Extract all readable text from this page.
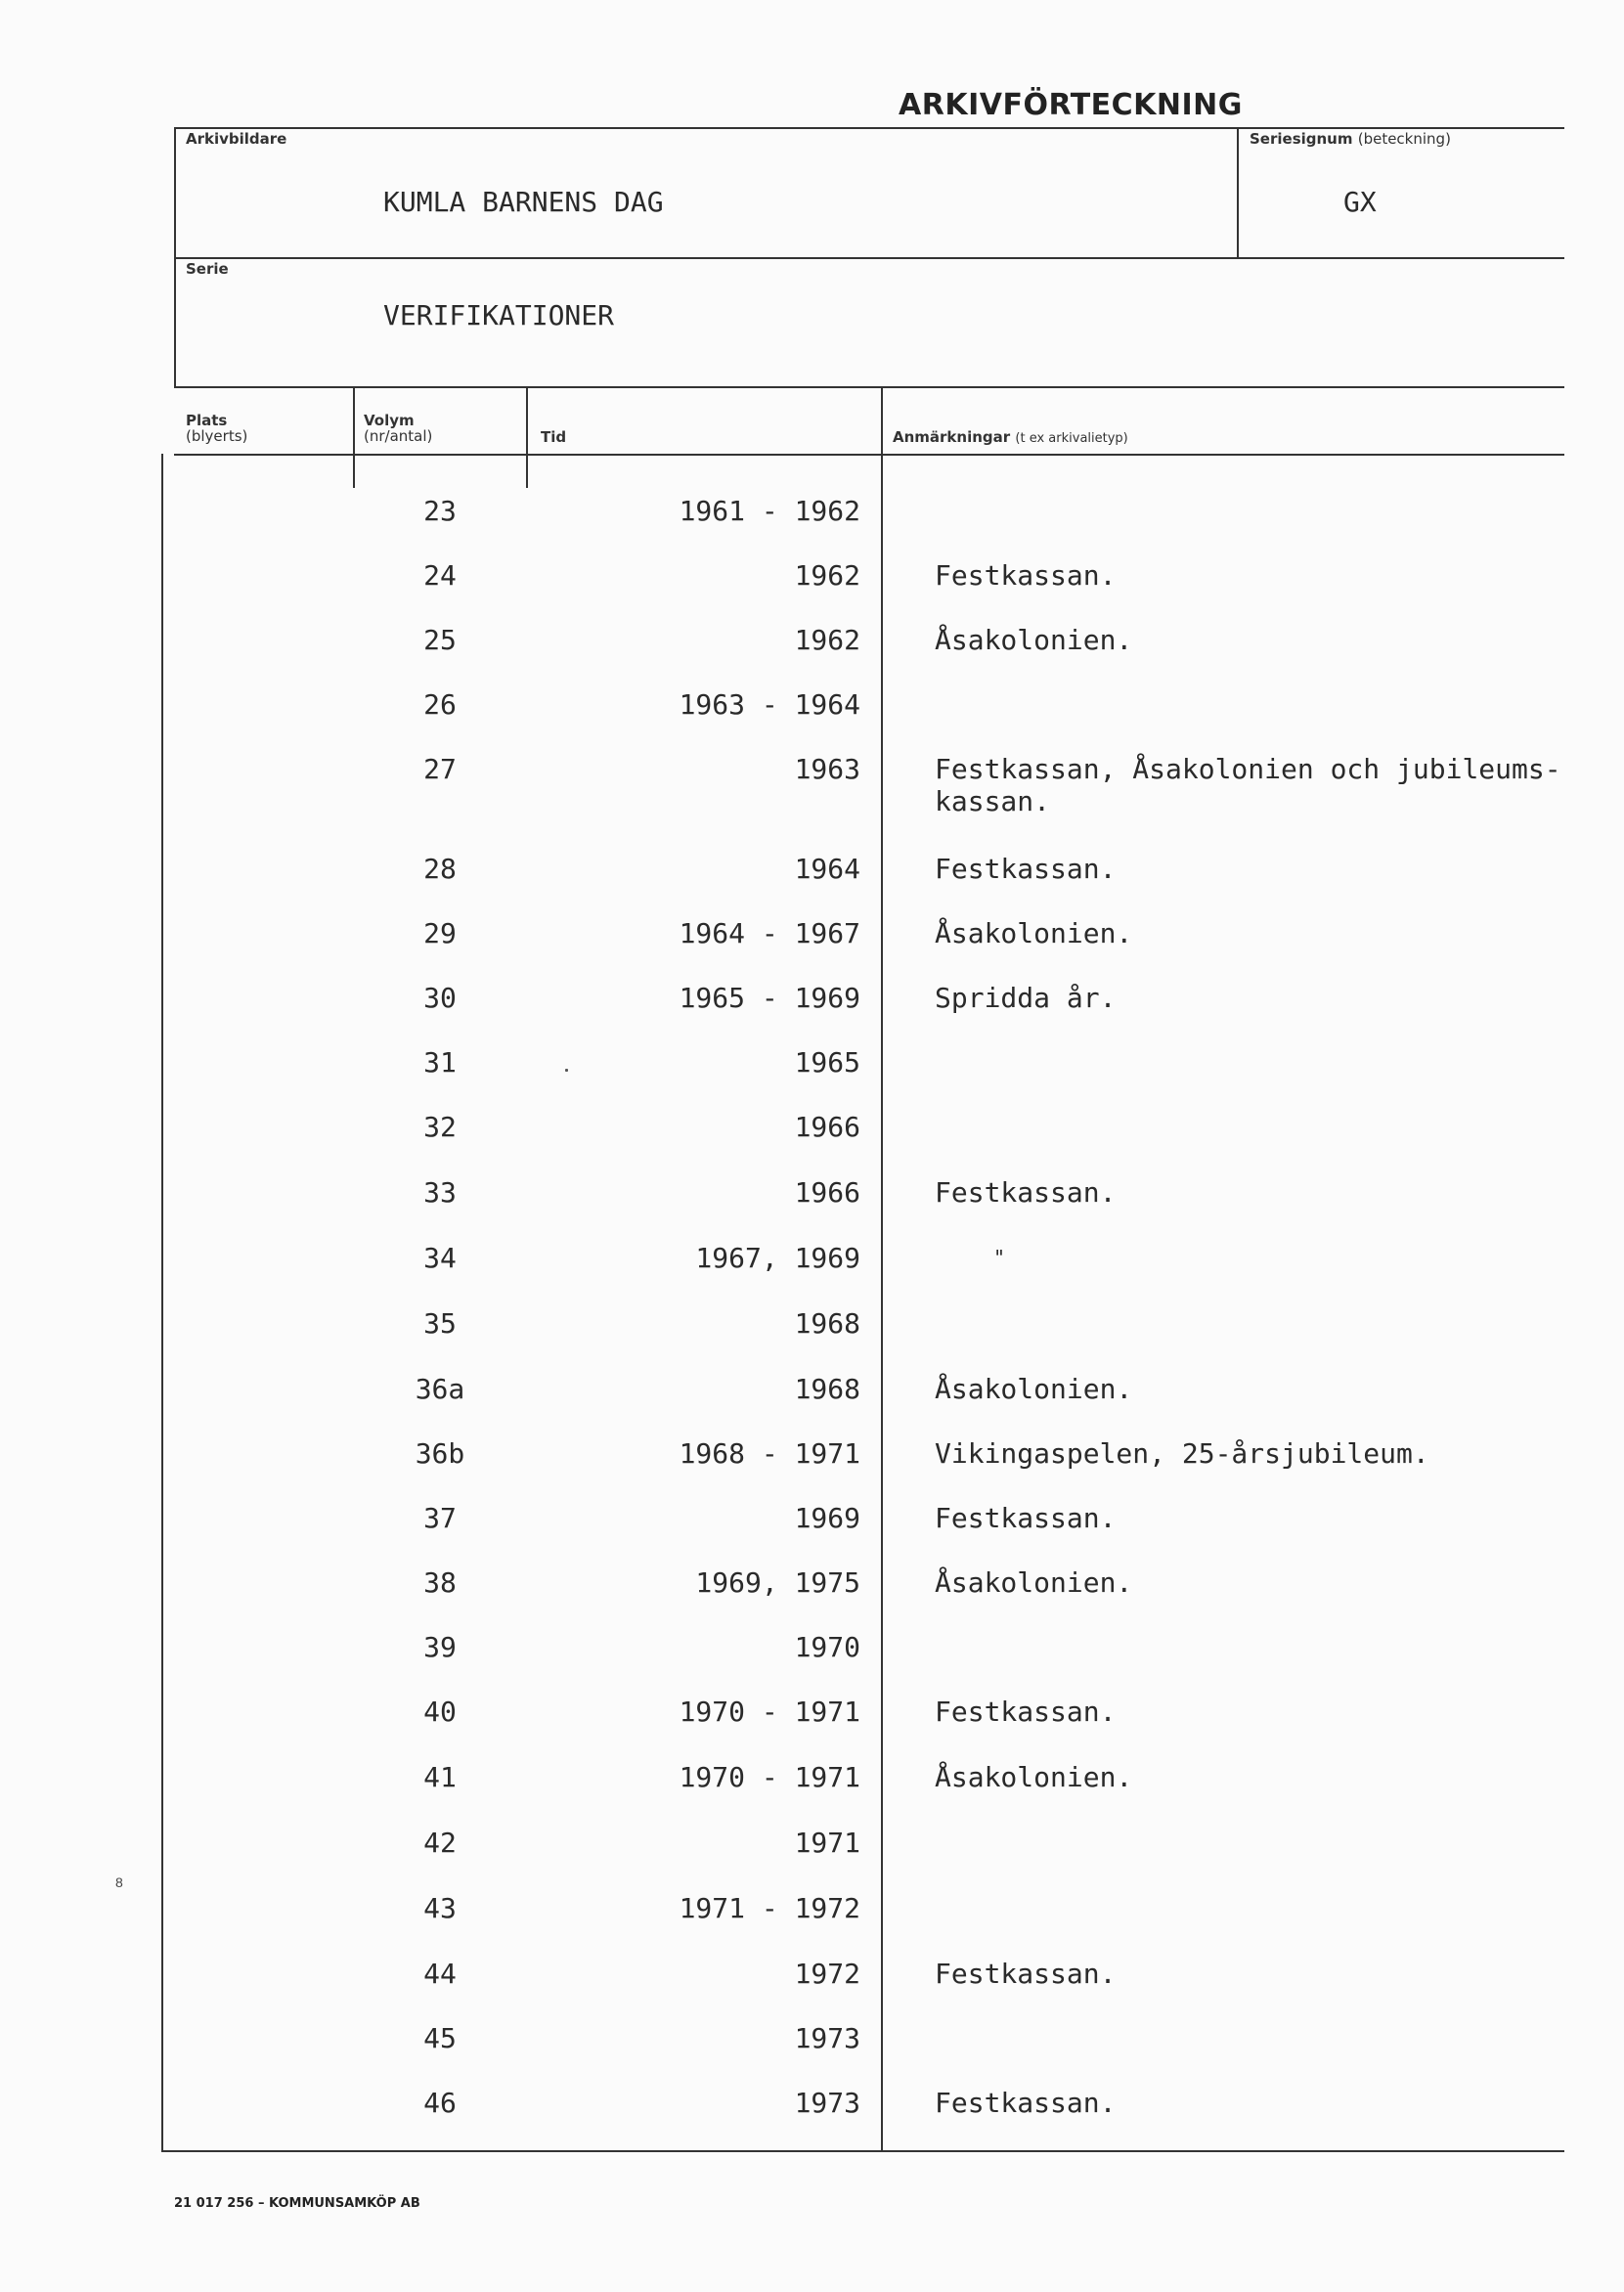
ARKIVFÖRTECKNING
Arkivbildare	Seriesignum (beteckning)
Serie
Plats
(blyerts)
Volym
(nr/antal)	Tid	Anmärkningar (t ex arkivalietyp)
KUMLA BARNENS DAG	GX
VERIFIKATIONER
23	1961 - 1962
24	1962	Festkassan.
25	1962	Åsakolonien.
26	1963 - 1964
27	1963	Festkassan, Åsakolonien och jubileums-kassan.
28	1964	Festkassan.
29	1964 - 1967	Åsakolonien.
30	1965 - 1969	Spridda år.
31	1965
32	1966
33	1966	Festkassan.
34	1967, 1969	"
35	1968
36a	1968	Åsakolonien.
36b	1968 - 1971	Vikingaspelen, 25-årsjubileum.
37	1969	Festkassan.
38	1969, 1975	Åsakolonien.
39	1970
40	1970 - 1971	Festkassan.
41	1970 - 1971	Åsakolonien.
42	1971
43	1971 - 1972
44	1972	Festkassan.
45	1973
46	1973	Festkassan.
8
21 017 256 – KOMMUNSAMKÖP AB
